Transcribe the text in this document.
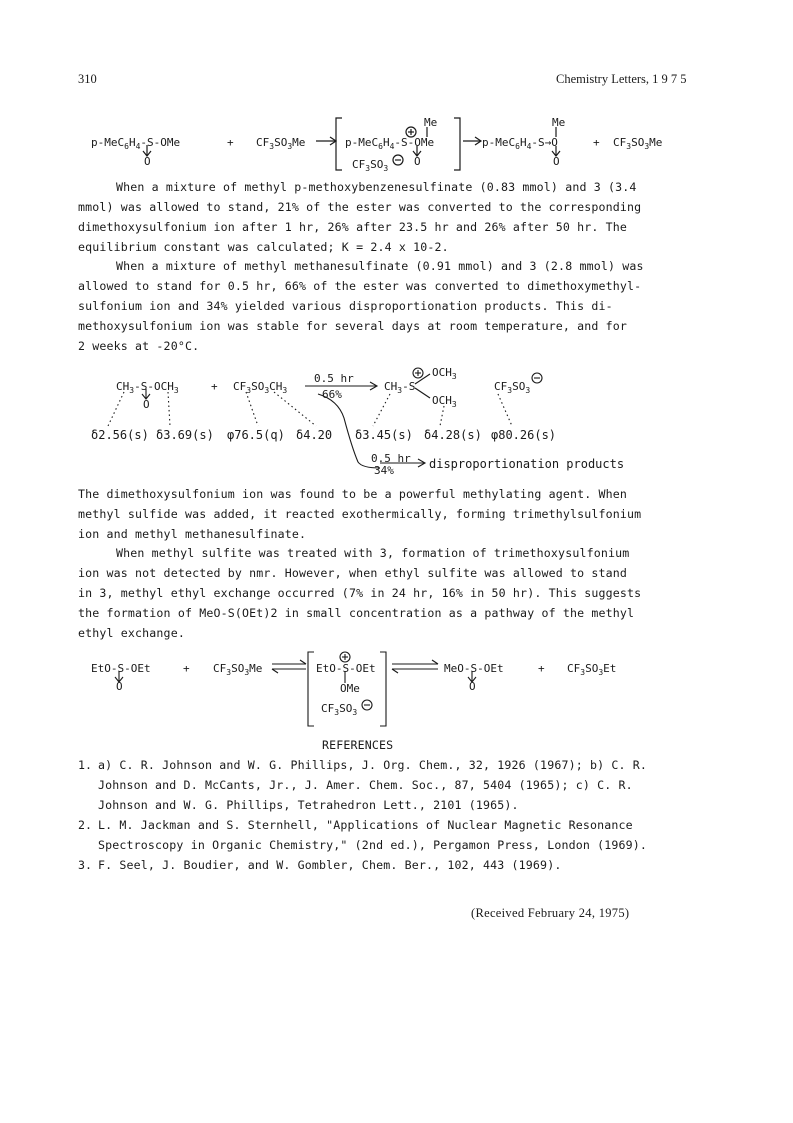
310	Chemistry Letters, 1 9 7 5
$p-MeC_6H_4-S$-OMe	+ $CF_3SO_3Me$	$p-MeC_6H_4-S$-OMe
Me
$CF_3SO_3$
$p-MeC_6H_4-S\to O$
Me
+ $CF_3SO_3Me$
O	O
O
When a mixture of methyl p-methoxybenzenesulfinate (0.83 mmol) and 3 (3.4
mmol) was allowed to stand, 21% of the ester was converted to the corresponding
dimethoxysulfonium ion after 1 hr, 26% after 23.5 hr and 26% after 50 hr. The
equilibrium constant was calculated; K = 2.4 x 10-2.
When a mixture of methyl methanesulfinate (0.91 mmol) and 3 (2.8 mmol) was
allowed to stand for 0.5 hr, 66% of the ester was converted to dimethoxymethyl-
sulfonium ion and 34% yielded various disproportionation products. This di-
methoxysulfonium ion was stable for several days at room temperature, and for
2 weeks at -20°C.
$CH_3-S-OCH_3$	+ $CF_3SO_3CH_3$
0.5 hr
66%
$CH_3-S$
$OCH_3$
$OCH_3$
$CF_3SO_3$
O
δ2.56(s) δ3.69(s) φ76.5(q) δ4.20 δ3.45(s) δ4.28(s) φ80.26(s)
0.5 hr
34%	disproportionation products
The dimethoxysulfonium ion was found to be a powerful methylating agent. When
methyl sulfide was added, it reacted exothermically, forming trimethylsulfonium
ion and methyl methanesulfinate.
When methyl sulfite was treated with 3, formation of trimethoxysulfonium
ion was not detected by nmr. However, when ethyl sulfite was allowed to stand
in 3, methyl ethyl exchange occurred (7% in 24 hr, 16% in 50 hr). This suggests
the formation of MeO-S(OEt)2 in small concentration as a pathway of the methyl
ethyl exchange.
EtO-S-OEt	+ $CF_3SO_3Me$	EtO-S-OEt
OMe
$CF_3SO_3$
MeO-S-OEt	+ $CF_3SO_3Et$
O	O
REFERENCES
1. a) C. R. Johnson and W. G. Phillips, J. Org. Chem., 32, 1926 (1967); b) C. R.
Johnson and D. McCants, Jr., J. Amer. Chem. Soc., 87, 5404 (1965); c) C. R.
Johnson and W. G. Phillips, Tetrahedron Lett., 2101 (1965).
2. L. M. Jackman and S. Sternhell, "Applications of Nuclear Magnetic Resonance
Spectroscopy in Organic Chemistry," (2nd ed.), Pergamon Press, London (1969).
3. F. Seel, J. Boudier, and W. Gombler, Chem. Ber., 102, 443 (1969).
(Received February 24, 1975)
